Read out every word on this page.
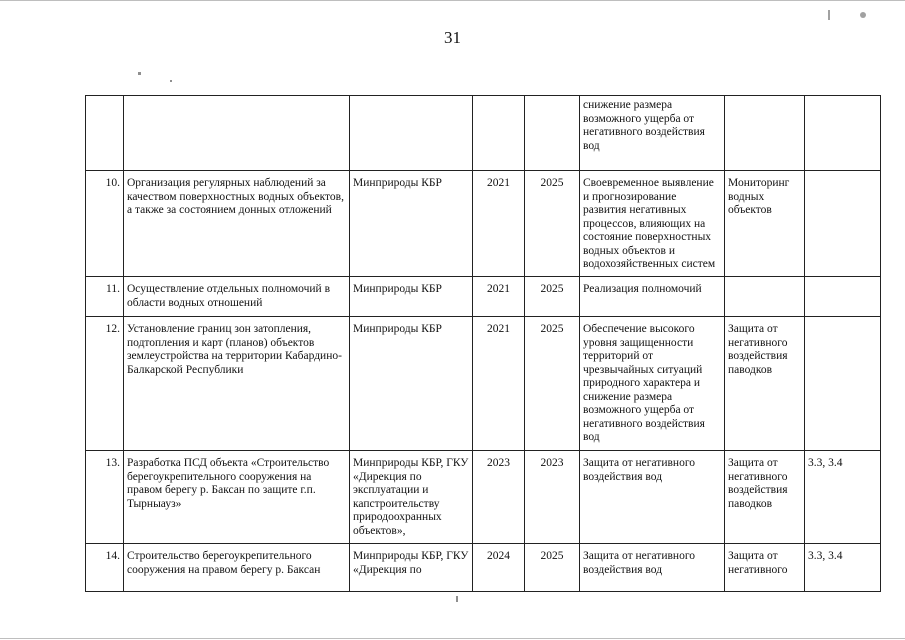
31
					снижение размера возможного ущерба от негативного воздействия вод		
10.	Организация регулярных наблюдений за качеством поверхностных водных объектов, а также за состоянием донных отложений	Минприроды КБР	2021	2025	Своевременное выявление и прогнозирование развития негативных процессов, влияющих на состояние поверхностных водных объектов и водохозяйственных систем	Мониторинг водных объектов	
11.	Осуществление отдельных полномочий в области водных отношений	Минприроды КБР	2021	2025	Реализация полномочий		
12.	Установление границ зон затопления, подтопления и карт (планов) объектов землеустройства на территории Кабардино-Балкарской Республики	Минприроды КБР	2021	2025	Обеспечение высокого уровня защищенности территорий от чрезвычайных ситуаций природного характера и снижение размера возможного ущерба от негативного воздействия вод	Защита от негативного воздействия паводков	
13.	Разработка ПСД объекта «Строительство берегоукрепительного сооружения на правом берегу р. Баксан по защите г.п. Тырныауз»	Минприроды КБР, ГКУ «Дирекция по эксплуатации и капстроительству природоохранных объектов»,	2023	2023	Защита от негативного воздействия вод	Защита от негативного воздействия паводков	3.3, 3.4
14.	Строительство берегоукрепительного сооружения на правом берегу р. Баксан	Минприроды КБР, ГКУ «Дирекция по	2024	2025	Защита от негативного воздействия вод	Защита от негативного	3.3, 3.4
